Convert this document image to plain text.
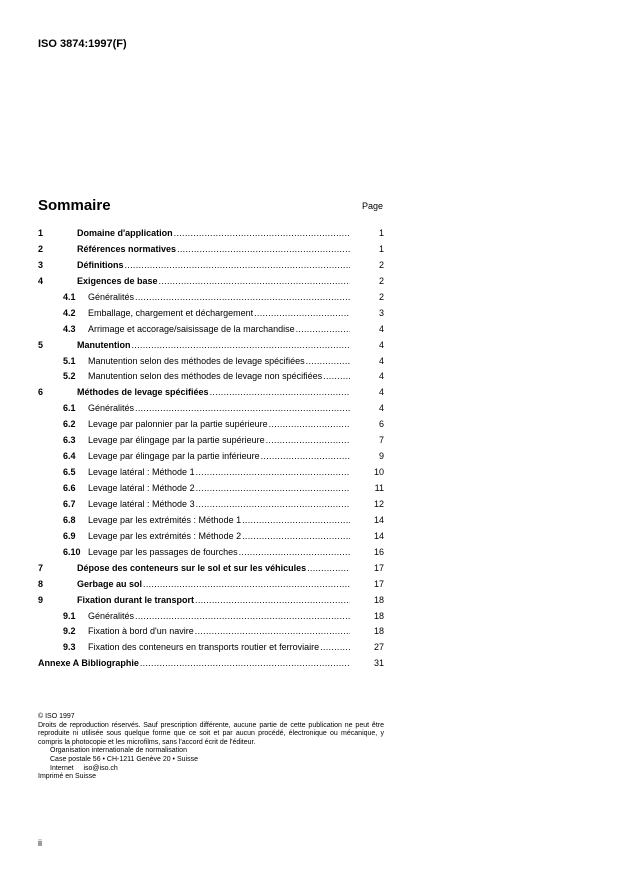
ISO 3874:1997(F)
Sommaire	Page
1	Domaine d'application .....	1
2	Références normatives .....	1
3	Définitions .....	2
4	Exigences de base .....	2
4.1 Généralités .....	2
4.2 Emballage, chargement et déchargement .....	3
4.3 Arrimage et accorage/saisissage de la marchandise .....	4
5	Manutention .....	4
5.1 Manutention selon des méthodes de levage spécifiées .....	4
5.2 Manutention selon des méthodes de levage non spécifiées .....	4
6	Méthodes de levage spécifiées .....	4
6.1 Généralités .....	4
6.2 Levage par palonnier par la partie supérieure .....	6
6.3 Levage par élingage par la partie supérieure .....	7
6.4 Levage par élingage par la partie inférieure .....	9
6.5 Levage latéral : Méthode 1 .....	10
6.6 Levage latéral : Méthode 2 .....	11
6.7 Levage latéral : Méthode 3 .....	12
6.8 Levage par les extrémités : Méthode 1 .....	14
6.9 Levage par les extrémités : Méthode 2 .....	14
6.10 Levage par les passages de fourches .....	16
7	Dépose des conteneurs sur le sol et sur les véhicules .....	17
8	Gerbage au sol .....	17
9	Fixation durant le transport .....	18
9.1 Généralités .....	18
9.2 Fixation à bord d'un navire .....	18
9.3 Fixation des conteneurs en transports routier et ferroviaire .....	27
Annexe A Bibliographie .....	31

© ISO 1997

Droits de reproduction réservés. Sauf prescription différente, aucune partie de cette publication ne peut être reproduite ni utilisée sous quelque forme que ce soit et par aucun procédé, électronique ou mécanique, y compris la photocopie et les microfilms, sans l'accord écrit de l'éditeur.

Organisation internationale de normalisation

Case postale 56 • CH-1211 Genève 20 • Suisse

Internet     iso@iso.ch

Imprimé en Suisse

ii
